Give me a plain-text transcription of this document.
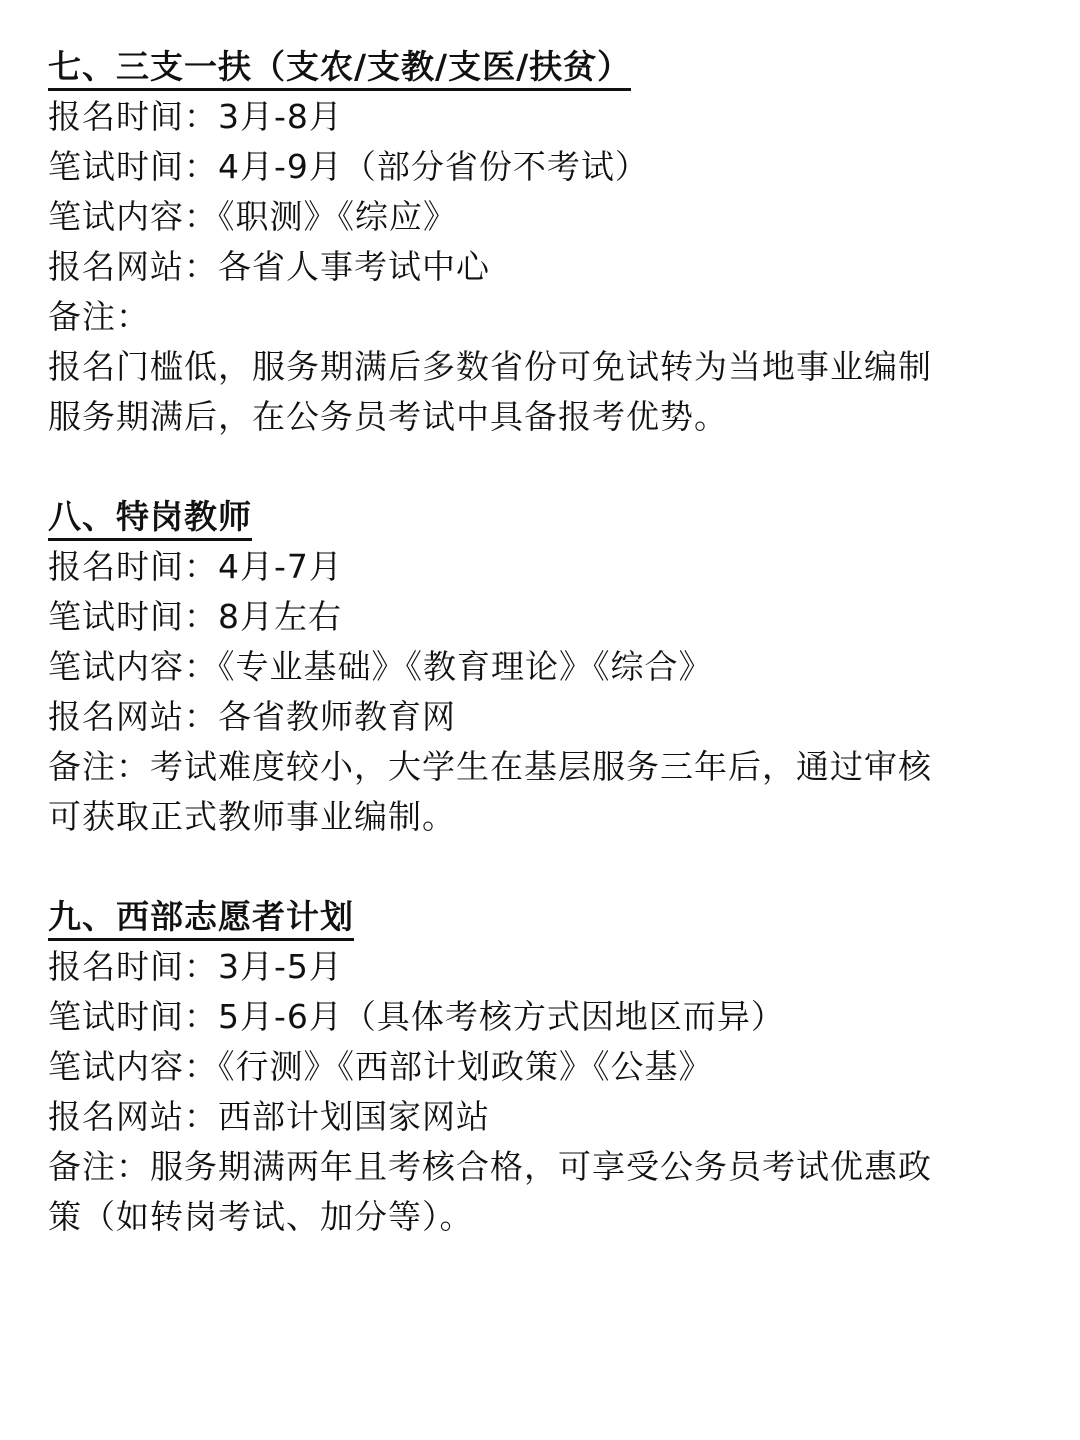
七、三支一扶（支农/支教/支医/扶贫）
报名时间：3月-8月
笔试时间：4月-9月（部分省份不考试）
笔试内容：《职测》《综应》
报名网站：各省人事考试中心
备注：
报名门槛低，服务期满后多数省份可免试转为当地事业编制
服务期满后，在公务员考试中具备报考优势。
八、特岗教师
报名时间：4月-7月
笔试时间：8月左右
笔试内容：《专业基础》《教育理论》《综合》
报名网站：各省教师教育网
备注：考试难度较小，大学生在基层服务三年后，通过审核
可获取正式教师事业编制。
九、西部志愿者计划
报名时间：3月-5月
笔试时间：5月-6月（具体考核方式因地区而异）
笔试内容：《行测》《西部计划政策》《公基》
报名网站：西部计划国家网站
备注：服务期满两年且考核合格，可享受公务员考试优惠政
策（如转岗考试、加分等）。
